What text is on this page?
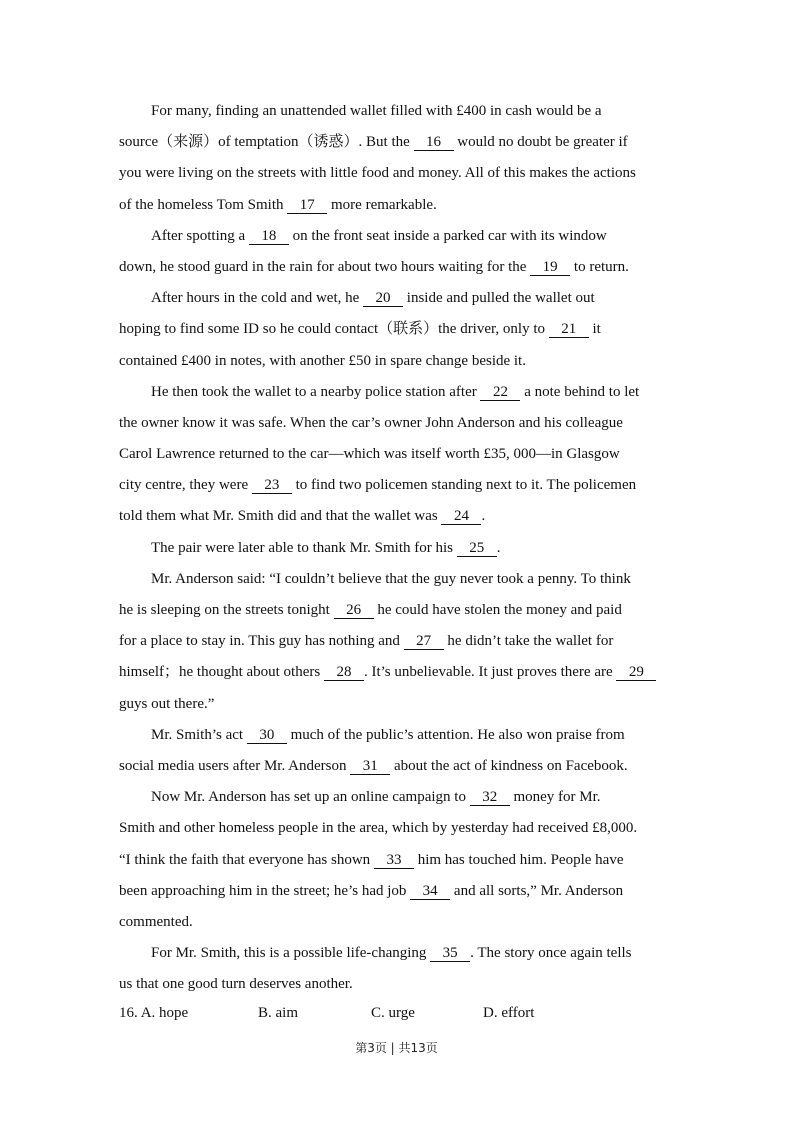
For many, finding an unattended wallet filled with £400 in cash would be a
source（来源）of temptation（诱惑）. But the 16 would no doubt be greater if
you were living on the streets with little food and money. All of this makes the actions
of the homeless Tom Smith 17 more remarkable.
After spotting a 18 on the front seat inside a parked car with its window
down, he stood guard in the rain for about two hours waiting for the 19 to return.
After hours in the cold and wet, he 20 inside and pulled the wallet out
hoping to find some ID so he could contact（联系）the driver, only to 21 it
contained £400 in notes, with another £50 in spare change beside it.
He then took the wallet to a nearby police station after 22 a note behind to let
the owner know it was safe. When the car’s owner John Anderson and his colleague
Carol Lawrence returned to the car—which was itself worth £35, 000—in Glasgow
city centre, they were 23 to find two policemen standing next to it. The policemen
told them what Mr. Smith did and that the wallet was 24 .
The pair were later able to thank Mr. Smith for his 25 .
Mr. Anderson said: “I couldn’t believe that the guy never took a penny. To think
he is sleeping on the streets tonight 26 he could have stolen the money and paid
for a place to stay in. This guy has nothing and 27 he didn’t take the wallet for
himself；he thought about others 28 . It’s unbelievable. It just proves there are 29
guys out there.”
Mr. Smith’s act 30 much of the public’s attention. He also won praise from
social media users after Mr. Anderson 31 about the act of kindness on Facebook.
Now Mr. Anderson has set up an online campaign to 32 money for Mr.
Smith and other homeless people in the area, which by yesterday had received £8,000.
“I think the faith that everyone has shown 33 him has touched him. People have
been approaching him in the street; he’s had job 34 and all sorts,” Mr. Anderson
commented.
For Mr. Smith, this is a possible life-changing 35 . The story once again tells
us that one good turn deserves another.
16. A. hope	B. aim	C. urge	D. effort
第3页 | 共13页
